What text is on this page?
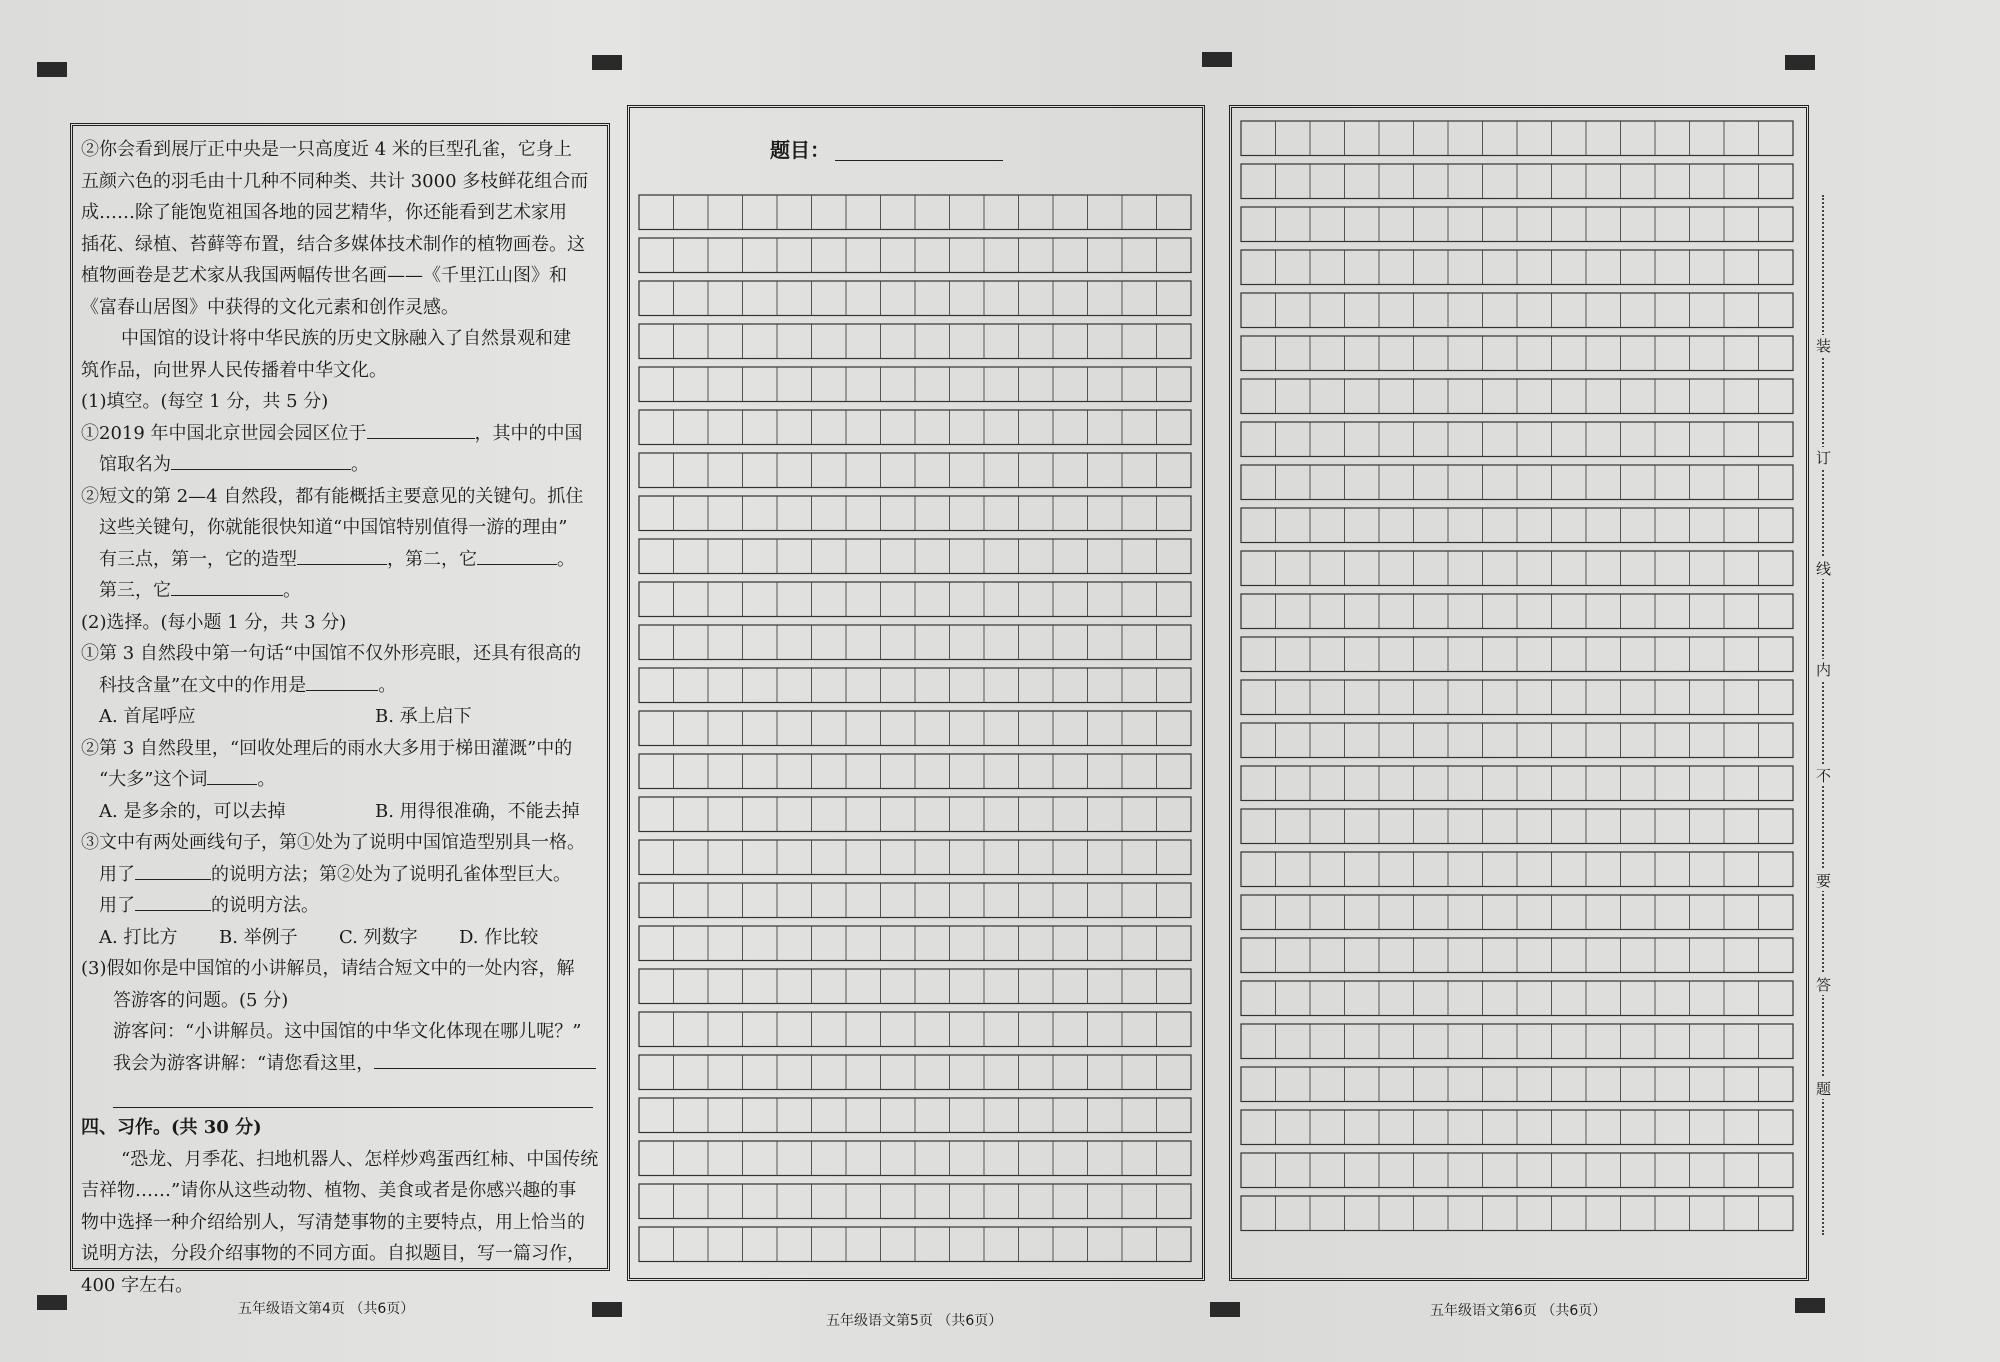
②你会看到展厅正中央是一只高度近 4 米的巨型孔雀，它身上

五颜六色的羽毛由十几种不同种类、共计 3000 多枝鲜花组合而

成……除了能饱览祖国各地的园艺精华，你还能看到艺术家用

插花、绿植、苔藓等布置，结合多媒体技术制作的植物画卷。这

植物画卷是艺术家从我国两幅传世名画——《千里江山图》和

《富春山居图》中获得的文化元素和创作灵感。

中国馆的设计将中华民族的历史文脉融入了自然景观和建

筑作品，向世界人民传播着中华文化。

(1)填空。(每空 1 分，共 5 分)

①2019 年中国北京世园会园区位于	，其中的中国

馆取名为	。

②短文的第 2—4 自然段，都有能概括主要意见的关键句。抓住

这些关键句，你就能很快知道“中国馆特别值得一游的理由”

有三点，第一，它的造型	，第二，它	。

第三，它	。

(2)选择。(每小题 1 分，共 3 分)

①第 3 自然段中第一句话“中国馆不仅外形亮眼，还具有很高的

科技含量”在文中的作用是	。

A. 首尾呼应	B. 承上启下

②第 3 自然段里，“回收处理后的雨水大多用于梯田灌溉”中的

“大多”这个词	。

A. 是多余的，可以去掉	B. 用得很准确，不能去掉

③文中有两处画线句子，第①处为了说明中国馆造型别具一格。

用了	的说明方法；第②处为了说明孔雀体型巨大。

用了	的说明方法。

A. 打比方 B. 举例子 C. 列数字 D. 作比较

(3)假如你是中国馆的小讲解员，请结合短文中的一处内容，解

答游客的问题。(5 分)

游客问：“小讲解员。这中国馆的中华文化体现在哪儿呢？”

我会为游客讲解：“请您看这里，

四、习作。(共 30 分)

“恐龙、月季花、扫地机器人、怎样炒鸡蛋西红柿、中国传统

吉祥物……”请你从这些动物、植物、美食或者是你感兴趣的事

物中选择一种介绍给别人，写清楚事物的主要特点，用上恰当的

说明方法，分段介绍事物的不同方面。自拟题目，写一篇习作，

400 字左右。

题目：
装
订
线
内
不
要
答
题
五年级语文第4页 （共6页）
五年级语文第5页 （共6页）
五年级语文第6页 （共6页）
